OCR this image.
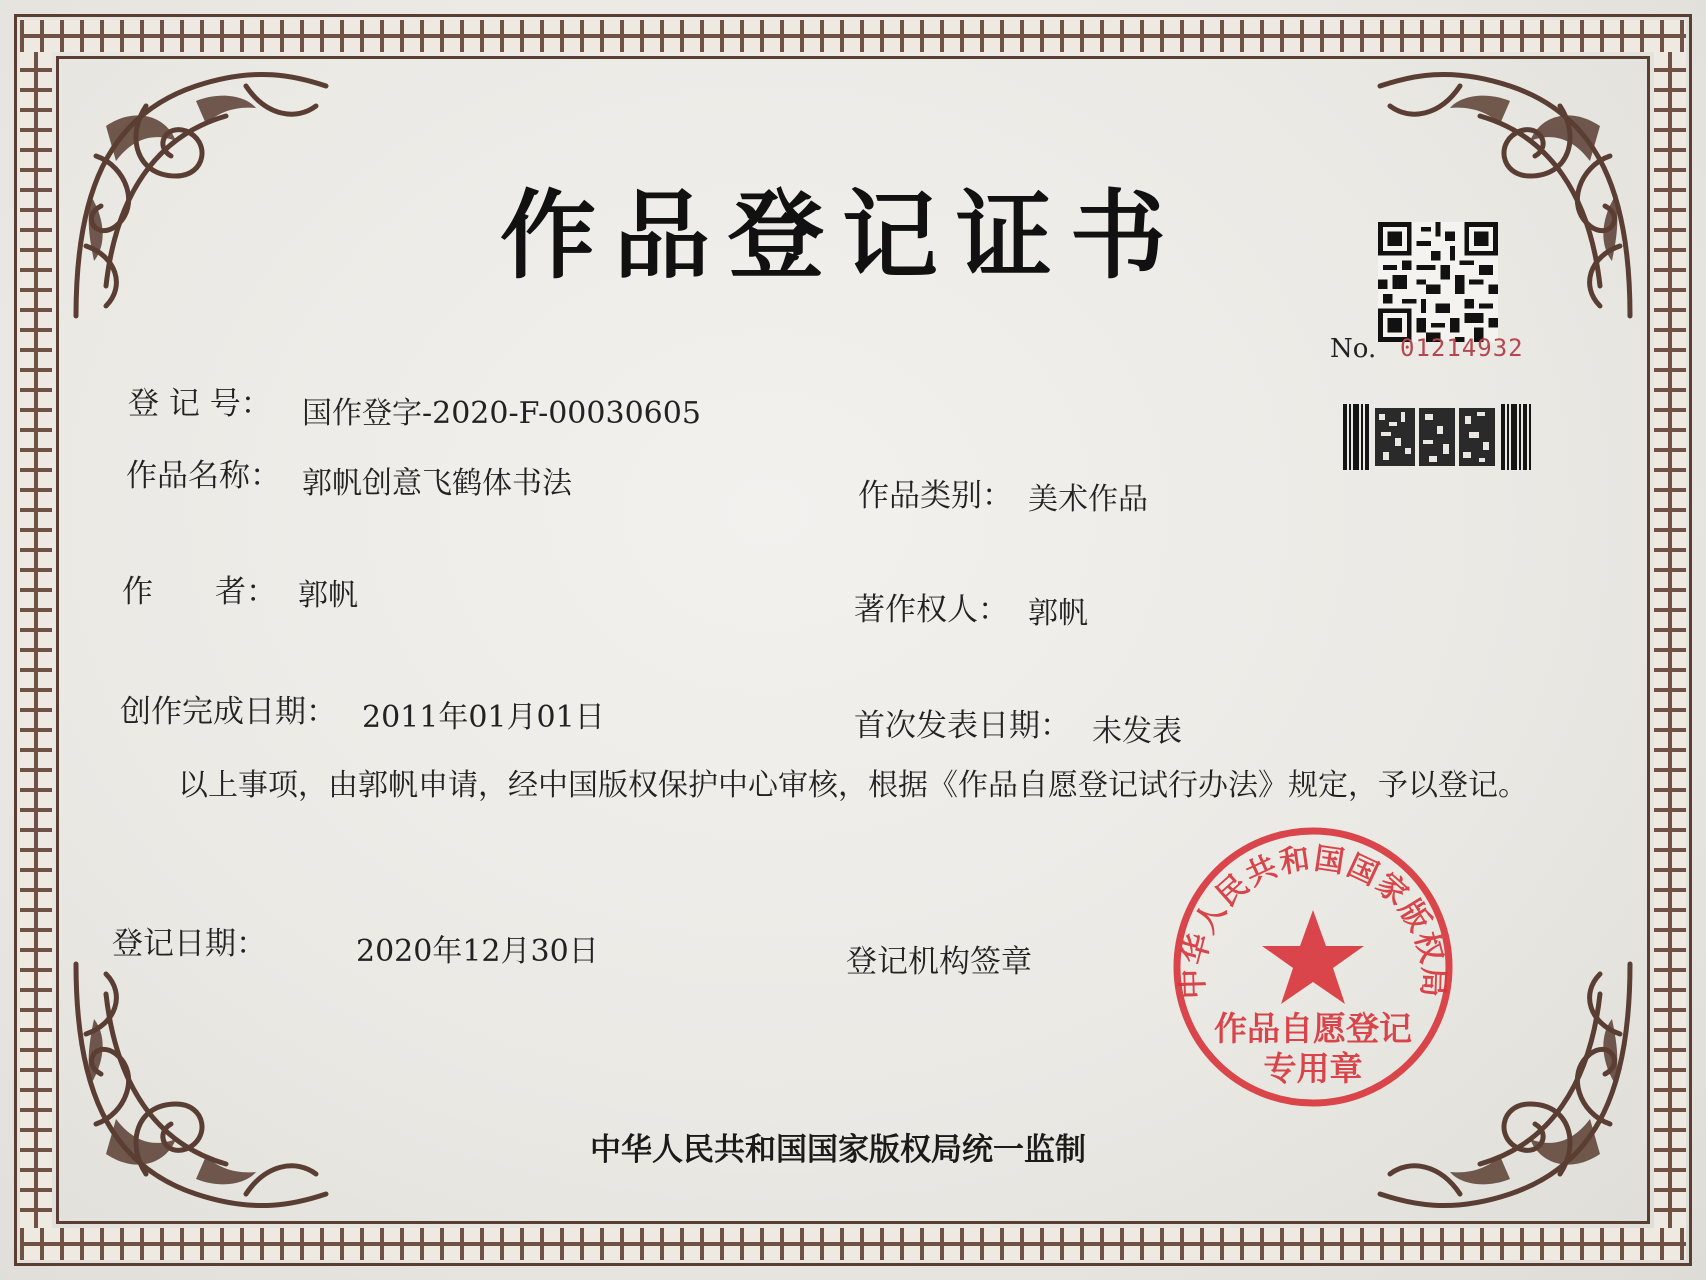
作品登记证书
No. 01214932
登 记 号： 国作登字-2020-F-00030605
作品名称： 郭帆创意飞鹤体书法
作　　者： 郭帆
创作完成日期： 2011年01月01日
作品类别： 美术作品
著作权人： 郭帆
首次发表日期： 未发表
以上事项，由郭帆申请，经中国版权保护中心审核，根据《作品自愿登记试行办法》规定，予以登记。
登记日期：	2020年12月30日	登记机构签章
中华人民共和国国家版权局
作品自愿登记
专用章
中华人民共和国国家版权局统一监制
